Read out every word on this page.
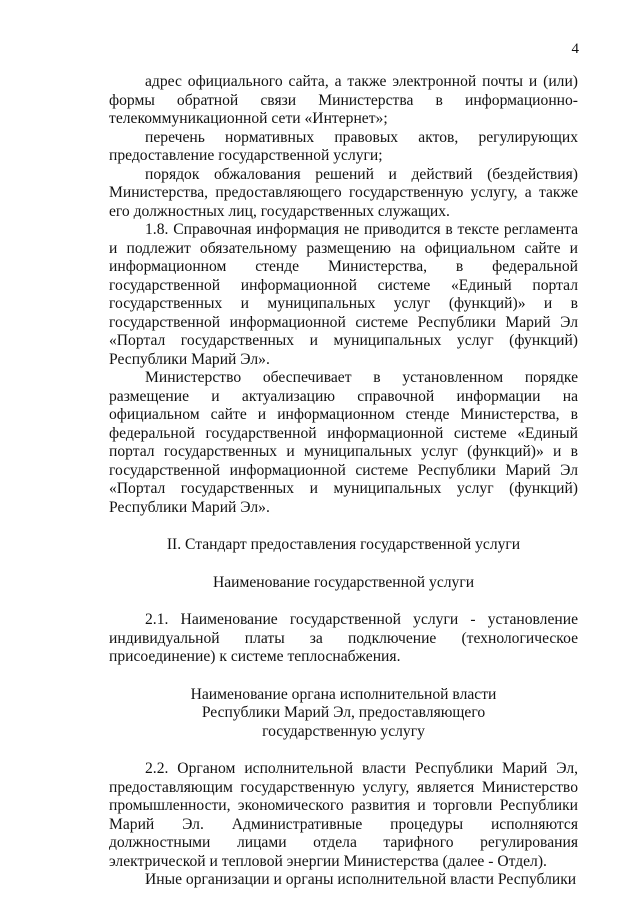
4

адрес официального сайта, а также электронной почты и (или) формы обратной связи Министерства в информационно-телекоммуникационной сети «Интернет»;

перечень нормативных правовых актов, регулирующих предоставление государственной услуги;

порядок обжалования решений и действий (бездействия) Министерства, предоставляющего государственную услугу, а также его должностных лиц, государственных служащих.

1.8. Справочная информация не приводится в тексте регламента и подлежит обязательному размещению на официальном сайте и информационном стенде Министерства, в федеральной государственной информационной системе «Единый портал государственных и муниципальных услуг (функций)» и в государственной информационной системе Республики Марий Эл «Портал государственных и муниципальных услуг (функций) Республики Марий Эл».

Министерство обеспечивает в установленном порядке размещение и актуализацию справочной информации на официальном сайте и информационном стенде Министерства, в федеральной государственной информационной системе «Единый портал государственных и муниципальных услуг (функций)» и в государственной информационной системе Республики Марий Эл «Портал государственных и муниципальных услуг (функций) Республики Марий Эл».

II. Стандарт предоставления государственной услуги
Наименование государственной услуги

2.1. Наименование государственной услуги - установление индивидуальной платы за подключение (технологическое присоединение) к системе теплоснабжения.

Наименование органа исполнительной власти
Республики Марий Эл, предоставляющего
государственную услугу

2.2. Органом исполнительной власти Республики Марий Эл, предоставляющим государственную услугу, является Министерство промышленности, экономического развития и торговли Республики Марий Эл. Административные процедуры исполняются должностными лицами отдела тарифного регулирования электрической и тепловой энергии Министерства (далее - Отдел).

Иные организации и органы исполнительной власти Республики
